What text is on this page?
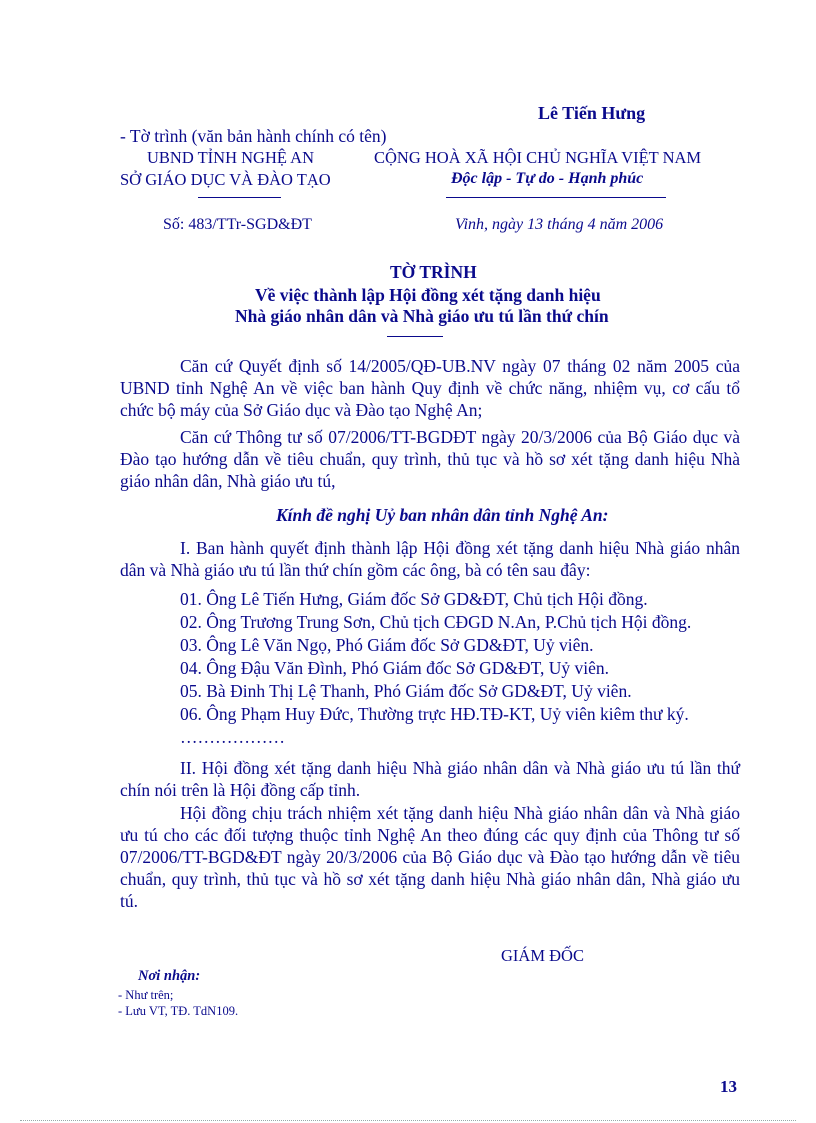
Lê Tiến Hưng
- Tờ trình (văn bản hành chính có tên)
UBND TỈNH NGHỆ AN
SỞ GIÁO DỤC VÀ ĐÀO TẠO
CỘNG HOÀ XÃ HỘI CHỦ NGHĨA VIỆT NAM
Độc lập - Tự do - Hạnh phúc
Số: 483/TTr-SGD&ĐT	Vinh, ngày 13 tháng 4 năm 2006
TỜ TRÌNH
Về việc thành lập Hội đồng xét tặng danh hiệu
Nhà giáo nhân dân và Nhà giáo ưu tú lần thứ chín
Căn cứ Quyết định số 14/2005/QĐ-UB.NV ngày 07 tháng 02 năm 2005 của UBND tỉnh Nghệ An về việc ban hành Quy định về chức năng, nhiệm vụ, cơ cấu tổ chức bộ máy của Sở Giáo dục và Đào tạo Nghệ An;
Căn cứ Thông tư số 07/2006/TT-BGDĐT ngày 20/3/2006 của Bộ Giáo dục và Đào tạo hướng dẫn về tiêu chuẩn, quy trình, thủ tục và hồ sơ xét tặng danh hiệu Nhà giáo nhân dân, Nhà giáo ưu tú,
Kính đề nghị Uỷ ban nhân dân tỉnh Nghệ An:
I. Ban hành quyết định thành lập Hội đồng xét tặng danh hiệu Nhà giáo nhân dân và Nhà giáo ưu tú lần thứ chín gồm các ông, bà có tên sau đây:
01. Ông Lê Tiến Hưng, Giám đốc Sở GD&ĐT, Chủ tịch Hội đồng.
02. Ông Trương Trung Sơn, Chủ tịch CĐGD N.An, P.Chủ tịch Hội đồng.
03. Ông Lê Văn Ngọ, Phó Giám đốc Sở GD&ĐT, Uỷ viên.
04. Ông Đậu Văn Đình, Phó Giám đốc Sở GD&ĐT, Uỷ viên.
05. Bà Đinh Thị Lệ Thanh, Phó Giám đốc Sở GD&ĐT, Uỷ viên.
06. Ông Phạm Huy Đức, Thường trực HĐ.TĐ-KT, Uỷ viên kiêm thư ký.
………………
II. Hội đồng xét tặng danh hiệu Nhà giáo nhân dân và Nhà giáo ưu tú lần thứ chín nói trên là Hội đồng cấp tỉnh.
Hội đồng chịu trách nhiệm xét tặng danh hiệu Nhà giáo nhân dân và Nhà giáo ưu tú cho các đối tượng thuộc tỉnh Nghệ An theo đúng các quy định của Thông tư số 07/2006/TT-BGD&ĐT ngày 20/3/2006 của Bộ Giáo dục và Đào tạo hướng dẫn về tiêu chuẩn, quy trình, thủ tục và hồ sơ xét tặng danh hiệu Nhà giáo nhân dân, Nhà giáo ưu tú.
GIÁM ĐỐC
Nơi nhận:
- Như trên;
- Lưu VT, TĐ. TdN109.
13
